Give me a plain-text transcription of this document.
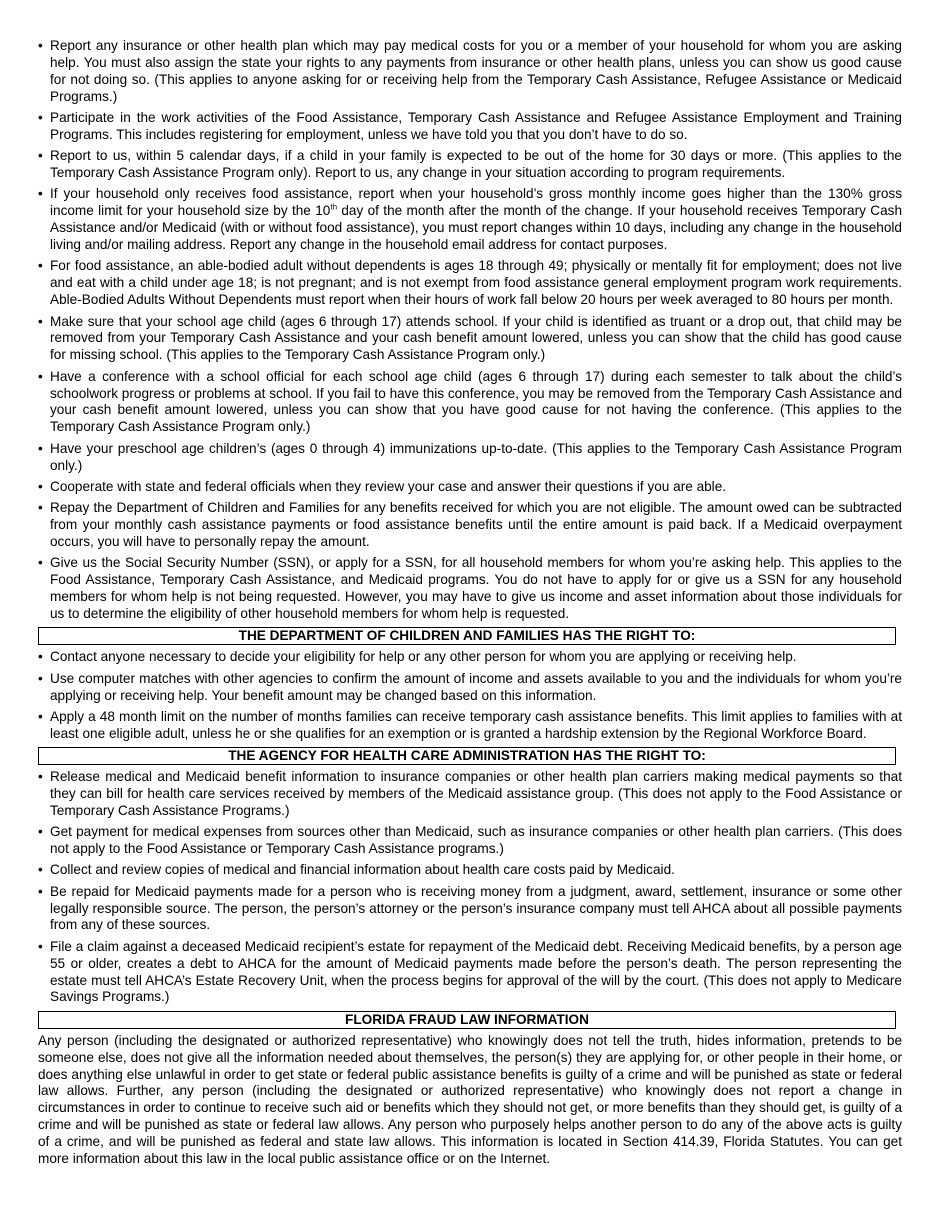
• Report any insurance or other health plan which may pay medical costs for you or a member of your household for whom you are asking help. You must also assign the state your rights to any payments from insurance or other health plans, unless you can show us good cause for not doing so. (This applies to anyone asking for or receiving help from the Temporary Cash Assistance, Refugee Assistance or Medicaid Programs.)
• Participate in the work activities of the Food Assistance, Temporary Cash Assistance and Refugee Assistance Employment and Training Programs. This includes registering for employment, unless we have told you that you don’t have to do so.
• Report to us, within 5 calendar days, if a child in your family is expected to be out of the home for 30 days or more. (This applies to the Temporary Cash Assistance Program only). Report to us, any change in your situation according to program requirements.
• If your household only receives food assistance, report when your household’s gross monthly income goes higher than the 130% gross income limit for your household size by the 10th day of the month after the month of the change. If your household receives Temporary Cash Assistance and/or Medicaid (with or without food assistance), you must report changes within 10 days, including any change in the household living and/or mailing address. Report any change in the household email address for contact purposes.
• For food assistance, an able-bodied adult without dependents is ages 18 through 49; physically or mentally fit for employment; does not live and eat with a child under age 18; is not pregnant; and is not exempt from food assistance general employment program work requirements. Able-Bodied Adults Without Dependents must report when their hours of work fall below 20 hours per week averaged to 80 hours per month.
• Make sure that your school age child (ages 6 through 17) attends school. If your child is identified as truant or a drop out, that child may be removed from your Temporary Cash Assistance and your cash benefit amount lowered, unless you can show that the child has good cause for missing school. (This applies to the Temporary Cash Assistance Program only.)
• Have a conference with a school official for each school age child (ages 6 through 17) during each semester to talk about the child’s schoolwork progress or problems at school. If you fail to have this conference, you may be removed from the Temporary Cash Assistance and your cash benefit amount lowered, unless you can show that you have good cause for not having the conference. (This applies to the Temporary Cash Assistance Program only.)
• Have your preschool age children’s (ages 0 through 4) immunizations up-to-date. (This applies to the Temporary Cash Assistance Program only.)
• Cooperate with state and federal officials when they review your case and answer their questions if you are able.
• Repay the Department of Children and Families for any benefits received for which you are not eligible. The amount owed can be subtracted from your monthly cash assistance payments or food assistance benefits until the entire amount is paid back. If a Medicaid overpayment occurs, you will have to personally repay the amount.
• Give us the Social Security Number (SSN), or apply for a SSN, for all household members for whom you’re asking help. This applies to the Food Assistance, Temporary Cash Assistance, and Medicaid programs. You do not have to apply for or give us a SSN for any household members for whom help is not being requested. However, you may have to give us income and asset information about those individuals for us to determine the eligibility of other household members for whom help is requested.
THE DEPARTMENT OF CHILDREN AND FAMILIES HAS THE RIGHT TO:
• Contact anyone necessary to decide your eligibility for help or any other person for whom you are applying or receiving help.
• Use computer matches with other agencies to confirm the amount of income and assets available to you and the individuals for whom you’re applying or receiving help. Your benefit amount may be changed based on this information.
• Apply a 48 month limit on the number of months families can receive temporary cash assistance benefits. This limit applies to families with at least one eligible adult, unless he or she qualifies for an exemption or is granted a hardship extension by the Regional Workforce Board.
THE AGENCY FOR HEALTH CARE ADMINISTRATION HAS THE RIGHT TO:
• Release medical and Medicaid benefit information to insurance companies or other health plan carriers making medical payments so that they can bill for health care services received by members of the Medicaid assistance group. (This does not apply to the Food Assistance or Temporary Cash Assistance Programs.)
• Get payment for medical expenses from sources other than Medicaid, such as insurance companies or other health plan carriers. (This does not apply to the Food Assistance or Temporary Cash Assistance programs.)
• Collect and review copies of medical and financial information about health care costs paid by Medicaid.
• Be repaid for Medicaid payments made for a person who is receiving money from a judgment, award, settlement, insurance or some other legally responsible source. The person, the person’s attorney or the person’s insurance company must tell AHCA about all possible payments from any of these sources.
• File a claim against a deceased Medicaid recipient’s estate for repayment of the Medicaid debt. Receiving Medicaid benefits, by a person age 55 or older, creates a debt to AHCA for the amount of Medicaid payments made before the person’s death. The person representing the estate must tell AHCA’s Estate Recovery Unit, when the process begins for approval of the will by the court. (This does not apply to Medicare Savings Programs.)
FLORIDA FRAUD LAW INFORMATION

Any person (including the designated or authorized representative) who knowingly does not tell the truth, hides information, pretends to be someone else, does not give all the information needed about themselves, the person(s) they are applying for, or other people in their home, or does anything else unlawful in order to get state or federal public assistance benefits is guilty of a crime and will be punished as state or federal law allows. Further, any person (including the designated or authorized representative) who knowingly does not report a change in circumstances in order to continue to receive such aid or benefits which they should not get, or more benefits than they should get, is guilty of a crime and will be punished as state or federal law allows. Any person who purposely helps another person to do any of the above acts is guilty of a crime, and will be punished as federal and state law allows. This information is located in Section 414.39, Florida Statutes. You can get more information about this law in the local public assistance office or on the Internet.
